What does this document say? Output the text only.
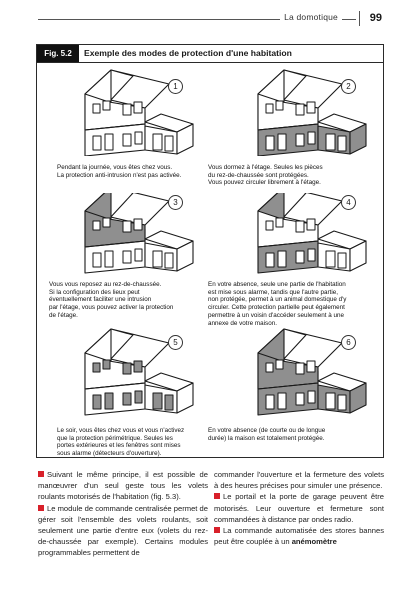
La domotique	99
Fig. 5.2	Exemple des modes de protection d'une habitation
1
Pendant la journée, vous êtes chez vous.
La protection anti-intrusion n'est pas activée.
2
Vous dormez à l'étage. Seules les pièces
du rez-de-chaussée sont protégées.
Vous pouvez circuler librement à l'étage.
3
Vous vous reposez au rez-de-chaussée.
Si la configuration des lieux peut
éventuellement faciliter une intrusion
par l'étage, vous pouvez activer la protection
de l'étage.
4
En votre absence, seule une partie de l'habitation
est mise sous alarme, tandis que l'autre partie,
non protégée, permet à un animal domestique d'y
circuler. Cette protection partielle peut également
permettre à un voisin d'accéder seulement à une
annexe de votre maison.
5
Le soir, vous êtes chez vous et vous n'activez
que la protection périmétrique. Seules les
portes extérieures et les fenêtres sont mises
sous alarme (détecteurs d'ouverture).
6
En votre absence (de courte ou de longue
durée) la maison est totalement protégée.

Suivant le même principe, il est possible de manœuvrer d'un seul geste tous les volets roulants motorisés de l'habitation (fig. 5.3).

Le module de commande centralisée permet de gérer soit l'ensemble des volets roulants, soit seulement une partie d'entre eux (volets du rez-de-chaussée par exemple). Certains modules programmables permettent de

commander l'ouverture et la fermeture des volets à des heures précises pour simuler une présence.

Le portail et la porte de garage peuvent être motorisés. Leur ouverture et fermeture sont commandées à distance par ondes radio.

La commande automatisée des stores bannes peut être couplée à un anémomètre
